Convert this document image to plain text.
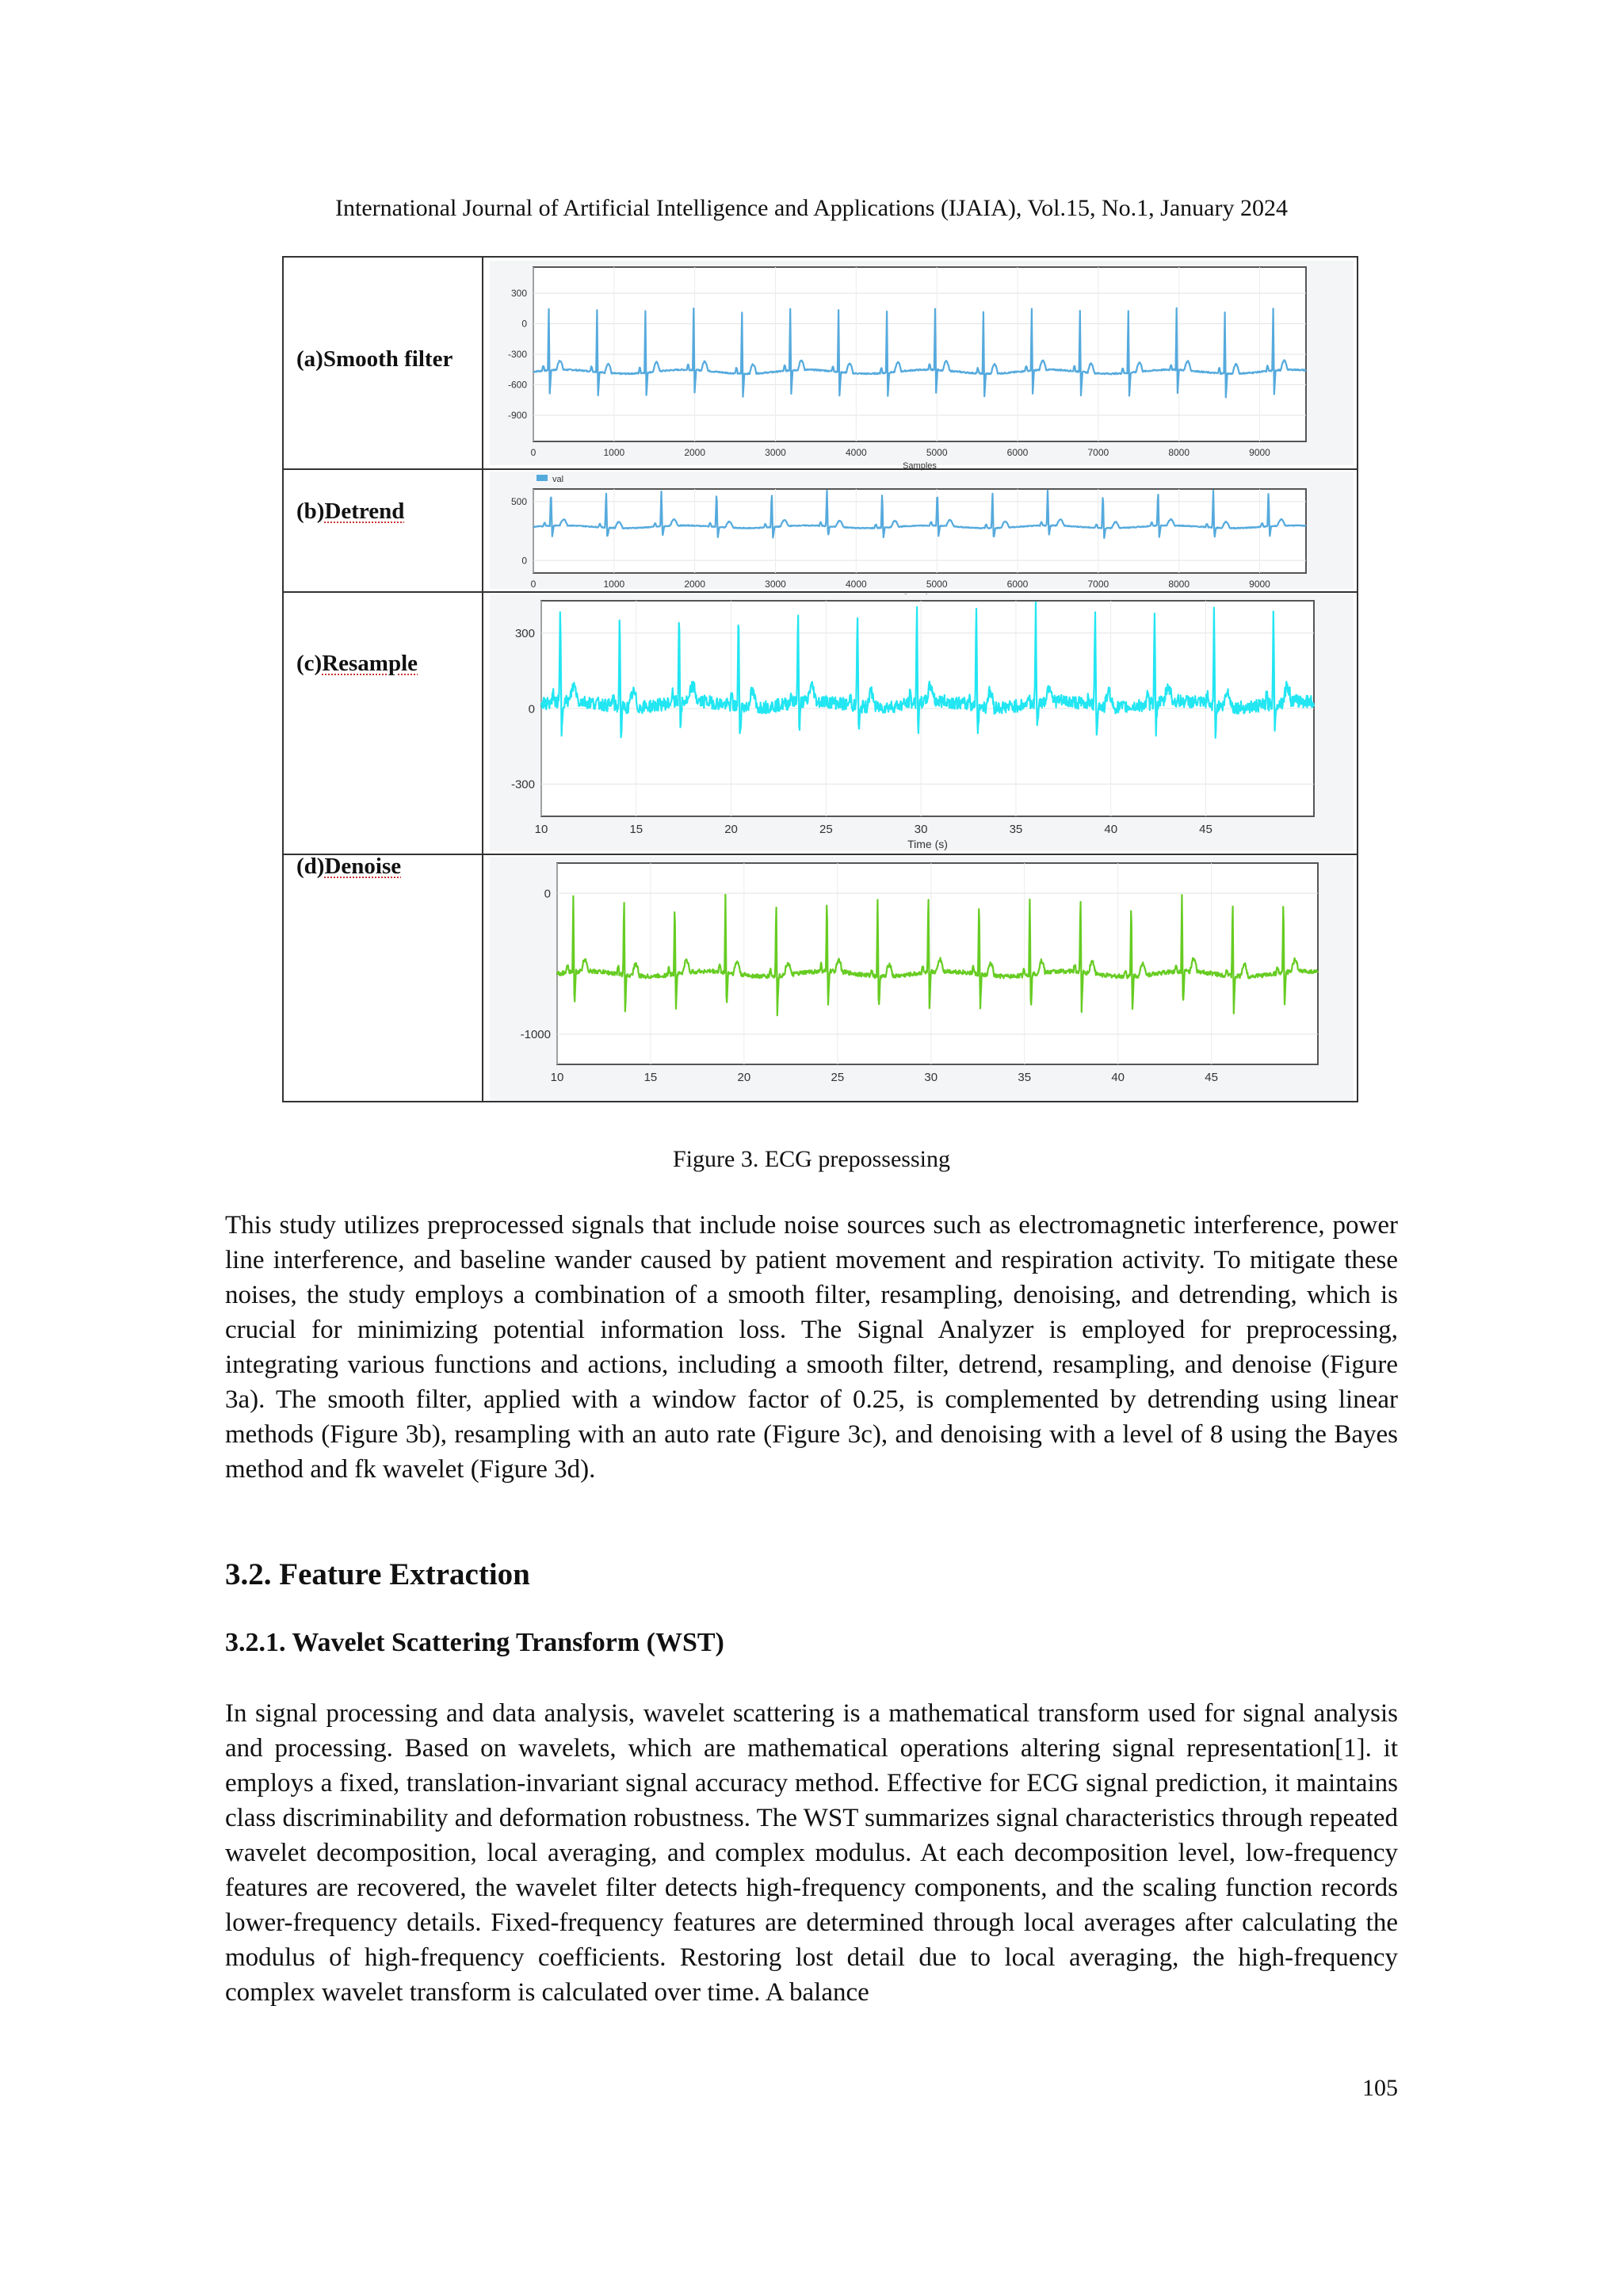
International Journal of Artificial Intelligence and Applications (IJAIA), Vol.15, No.1, January 2024
(a)Smooth filter
(b)Detrend
(c)Resample
(d)Denoise
300
0
-300
-600
-900
0	1000	2000	3000	4000	5000	6000	7000	8000	9000
Samples
500
0
0	1000	2000	3000	4000	5000	6000	7000	8000	9000
val
300
0
-300
10	15	20	25	30	35	40	45
Time (s)
0
-1000
10	15	20	25	30	35	40	45
Figure 3. ECG prepossessing

This study utilizes preprocessed signals that include noise sources such as electromagnetic interference, power line interference, and baseline wander caused by patient movement and respiration activity. To mitigate these noises, the study employs a combination of a smooth filter, resampling, denoising, and detrending, which is crucial for minimizing potential information loss. The Signal Analyzer is employed for preprocessing, integrating various functions and actions, including a smooth filter, detrend, resampling, and denoise (Figure 3a). The smooth filter, applied with a window factor of 0.25, is complemented by detrending using linear methods (Figure 3b), resampling with an auto rate (Figure 3c), and denoising with a level of 8 using the Bayes method and fk wavelet (Figure 3d).

3.2. Feature Extraction
3.2.1. Wavelet Scattering Transform (WST)

In signal processing and data analysis, wavelet scattering is a mathematical transform used for signal analysis and processing. Based on wavelets, which are mathematical operations altering signal representation[1]. it employs a fixed, translation-invariant signal accuracy method. Effective for ECG signal prediction, it maintains class discriminability and deformation robustness. The WST summarizes signal characteristics through repeated wavelet decomposition, local averaging, and complex modulus. At each decomposition level, low-frequency features are recovered, the wavelet filter detects high-frequency components, and the scaling function records lower-frequency details. Fixed-frequency features are determined through local averages after calculating the modulus of high-frequency coefficients. Restoring lost detail due to local averaging, the high-frequency complex wavelet transform is calculated over time. A balance

105
